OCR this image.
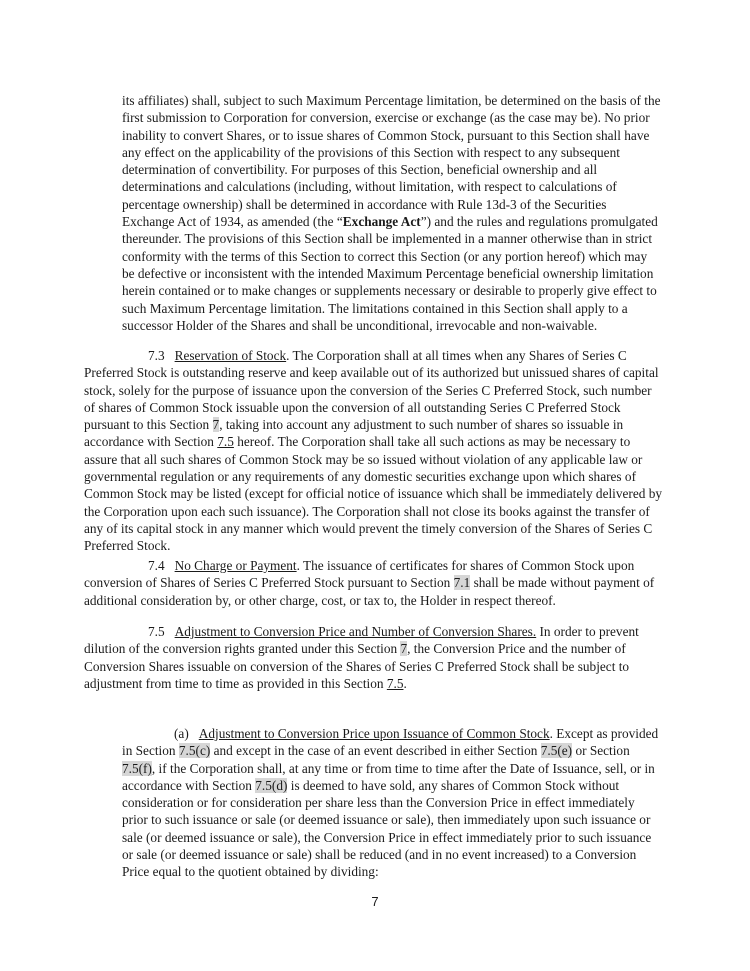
its affiliates) shall, subject to such Maximum Percentage limitation, be determined on the basis of the first submission to Corporation for conversion, exercise or exchange (as the case may be). No prior inability to convert Shares, or to issue shares of Common Stock, pursuant to this Section shall have any effect on the applicability of the provisions of this Section with respect to any subsequent determination of convertibility. For purposes of this Section, beneficial ownership and all determinations and calculations (including, without limitation, with respect to calculations of percentage ownership) shall be determined in accordance with Rule 13d-3 of the Securities Exchange Act of 1934, as amended (the “Exchange Act”) and the rules and regulations promulgated thereunder. The provisions of this Section shall be implemented in a manner otherwise than in strict conformity with the terms of this Section to correct this Section (or any portion hereof) which may be defective or inconsistent with the intended Maximum Percentage beneficial ownership limitation herein contained or to make changes or supplements necessary or desirable to properly give effect to such Maximum Percentage limitation. The limitations contained in this Section shall apply to a successor Holder of the Shares and shall be unconditional, irrevocable and non-waivable.

7.3 Reservation of Stock. The Corporation shall at all times when any Shares of Series C Preferred Stock is outstanding reserve and keep available out of its authorized but unissued shares of capital stock, solely for the purpose of issuance upon the conversion of the Series C Preferred Stock, such number of shares of Common Stock issuable upon the conversion of all outstanding Series C Preferred Stock pursuant to this Section 7, taking into account any adjustment to such number of shares so issuable in accordance with Section 7.5 hereof. The Corporation shall take all such actions as may be necessary to assure that all such shares of Common Stock may be so issued without violation of any applicable law or governmental regulation or any requirements of any domestic securities exchange upon which shares of Common Stock may be listed (except for official notice of issuance which shall be immediately delivered by the Corporation upon each such issuance). The Corporation shall not close its books against the transfer of any of its capital stock in any manner which would prevent the timely conversion of the Shares of Series C Preferred Stock.

7.4 No Charge or Payment. The issuance of certificates for shares of Common Stock upon conversion of Shares of Series C Preferred Stock pursuant to Section 7.1 shall be made without payment of additional consideration by, or other charge, cost, or tax to, the Holder in respect thereof.

7.5 Adjustment to Conversion Price and Number of Conversion Shares. In order to prevent dilution of the conversion rights granted under this Section 7, the Conversion Price and the number of Conversion Shares issuable on conversion of the Shares of Series C Preferred Stock shall be subject to adjustment from time to time as provided in this Section 7.5.

(a) Adjustment to Conversion Price upon Issuance of Common Stock. Except as provided in Section 7.5(c) and except in the case of an event described in either Section 7.5(e) or Section 7.5(f), if the Corporation shall, at any time or from time to time after the Date of Issuance, sell, or in accordance with Section 7.5(d) is deemed to have sold, any shares of Common Stock without consideration or for consideration per share less than the Conversion Price in effect immediately prior to such issuance or sale (or deemed issuance or sale), then immediately upon such issuance or sale (or deemed issuance or sale), the Conversion Price in effect immediately prior to such issuance or sale (or deemed issuance or sale) shall be reduced (and in no event increased) to a Conversion Price equal to the quotient obtained by dividing:

7
